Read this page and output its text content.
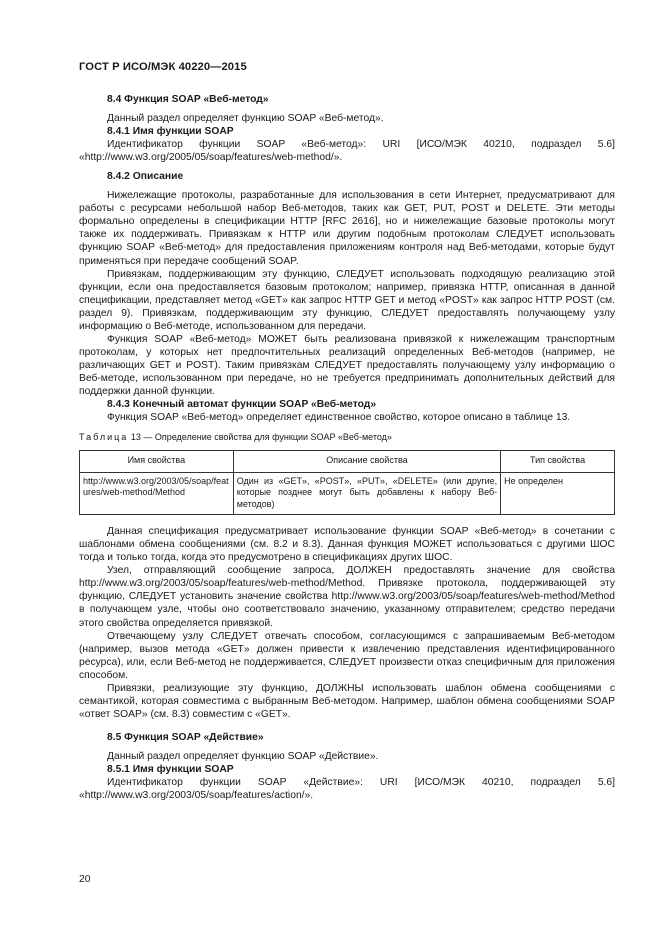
ГОСТ Р ИСО/МЭК 40220—2015

8.4 Функция SOAP «Веб-метод»

Данный раздел определяет функцию SOAP «Веб-метод».

8.4.1 Имя функции SOAP

Идентификатор функции SOAP «Веб-метод»: URI [ИСО/МЭК 40210, подраздел 5.6] «http://www.w3.org/2005/05/soap/features/web-method/».

8.4.2 Описание

Нижележащие протоколы, разработанные для использования в сети Интернет, предусматривают для работы с ресурсами небольшой набор Веб-методов, таких как GET, PUT, POST и DELETE. Эти методы формально определены в спецификации HTTP [RFC 2616], но и нижележащие базовые протоколы могут также их поддерживать. Привязкам к HTTP или другим подобным протоколам СЛЕДУЕТ использовать функцию SOAP «Веб-метод» для предоставления приложениям контроля над Веб-методами, которые будут применяться при передаче сообщений SOAP.

Привязкам, поддерживающим эту функцию, СЛЕДУЕТ использовать подходящую реализацию этой функции, если она предоставляется базовым протоколом; например, привязка HTTP, описанная в данной спецификации, представляет метод «GET» как запрос HTTP GET и метод «POST» как запрос HTTP POST (см. раздел 9). Привязкам, поддерживающим эту функцию, СЛЕДУЕТ предоставлять получающему узлу информацию о Веб-методе, использованном для передачи.

Функция SOAP «Веб-метод» МОЖЕТ быть реализована привязкой к нижележащим транспортным протоколам, у которых нет предпочтительных реализаций определенных Веб-методов (например, не различающих GET и POST). Таким привязкам СЛЕДУЕТ предоставлять получающему узлу информацию о Веб-методе, использованном при передаче, но не требуется предпринимать дополнительных действий для поддержки данной функции.

8.4.3 Конечный автомат функции SOAP «Веб-метод»

Функция SOAP «Веб-метод» определяет единственное свойство, которое описано в таблице 13.

Таблица 13 — Определение свойства для функции SOAP «Веб-метод»
Имя свойства	Описание свойства	Тип свойства
http://www.w3.org/2003/05/soap/features/web-method/Method	Один из «GET», «POST», «PUT», «DELETE» (или другие, которые позднее могут быть добавлены к набору Веб-методов)	Не определен

Данная спецификация предусматривает использование функции SOAP «Веб-метод» в сочетании с шаблонами обмена сообщениями (см. 8.2 и 8.3). Данная функция МОЖЕТ использоваться с другими ШОС тогда и только тогда, когда это предусмотрено в спецификациях других ШОС.

Узел, отправляющий сообщение запроса, ДОЛЖЕН предоставлять значение для свойства http://www.w3.org/2003/05/soap/features/web-method/Method. Привязке протокола, поддерживающей эту функцию, СЛЕДУЕТ установить значение свойства http://www.w3.org/2003/05/soap/features/web-method/Method в получающем узле, чтобы оно соответствовало значению, указанному отправителем; средство передачи этого свойства определяется привязкой.

Отвечающему узлу СЛЕДУЕТ отвечать способом, согласующимся с запрашиваемым Веб-методом (например, вызов метода «GET» должен привести к извлечению представления идентифицированного ресурса), или, если Веб-метод не поддерживается, СЛЕДУЕТ произвести отказ специфичным для приложения способом.

Привязки, реализующие эту функцию, ДОЛЖНЫ использовать шаблон обмена сообщениями с семантикой, которая совместима с выбранным Веб-методом. Например, шаблон обмена сообщениями SOAP «ответ SOAP» (см. 8.3) совместим с «GET».

8.5 Функция SOAP «Действие»

Данный раздел определяет функцию SOAP «Действие».

8.5.1 Имя функции SOAP

Идентификатор функции SOAP «Действие»: URI [ИСО/МЭК 40210, подраздел 5.6] «http://www.w3.org/2003/05/soap/features/action/».

20
